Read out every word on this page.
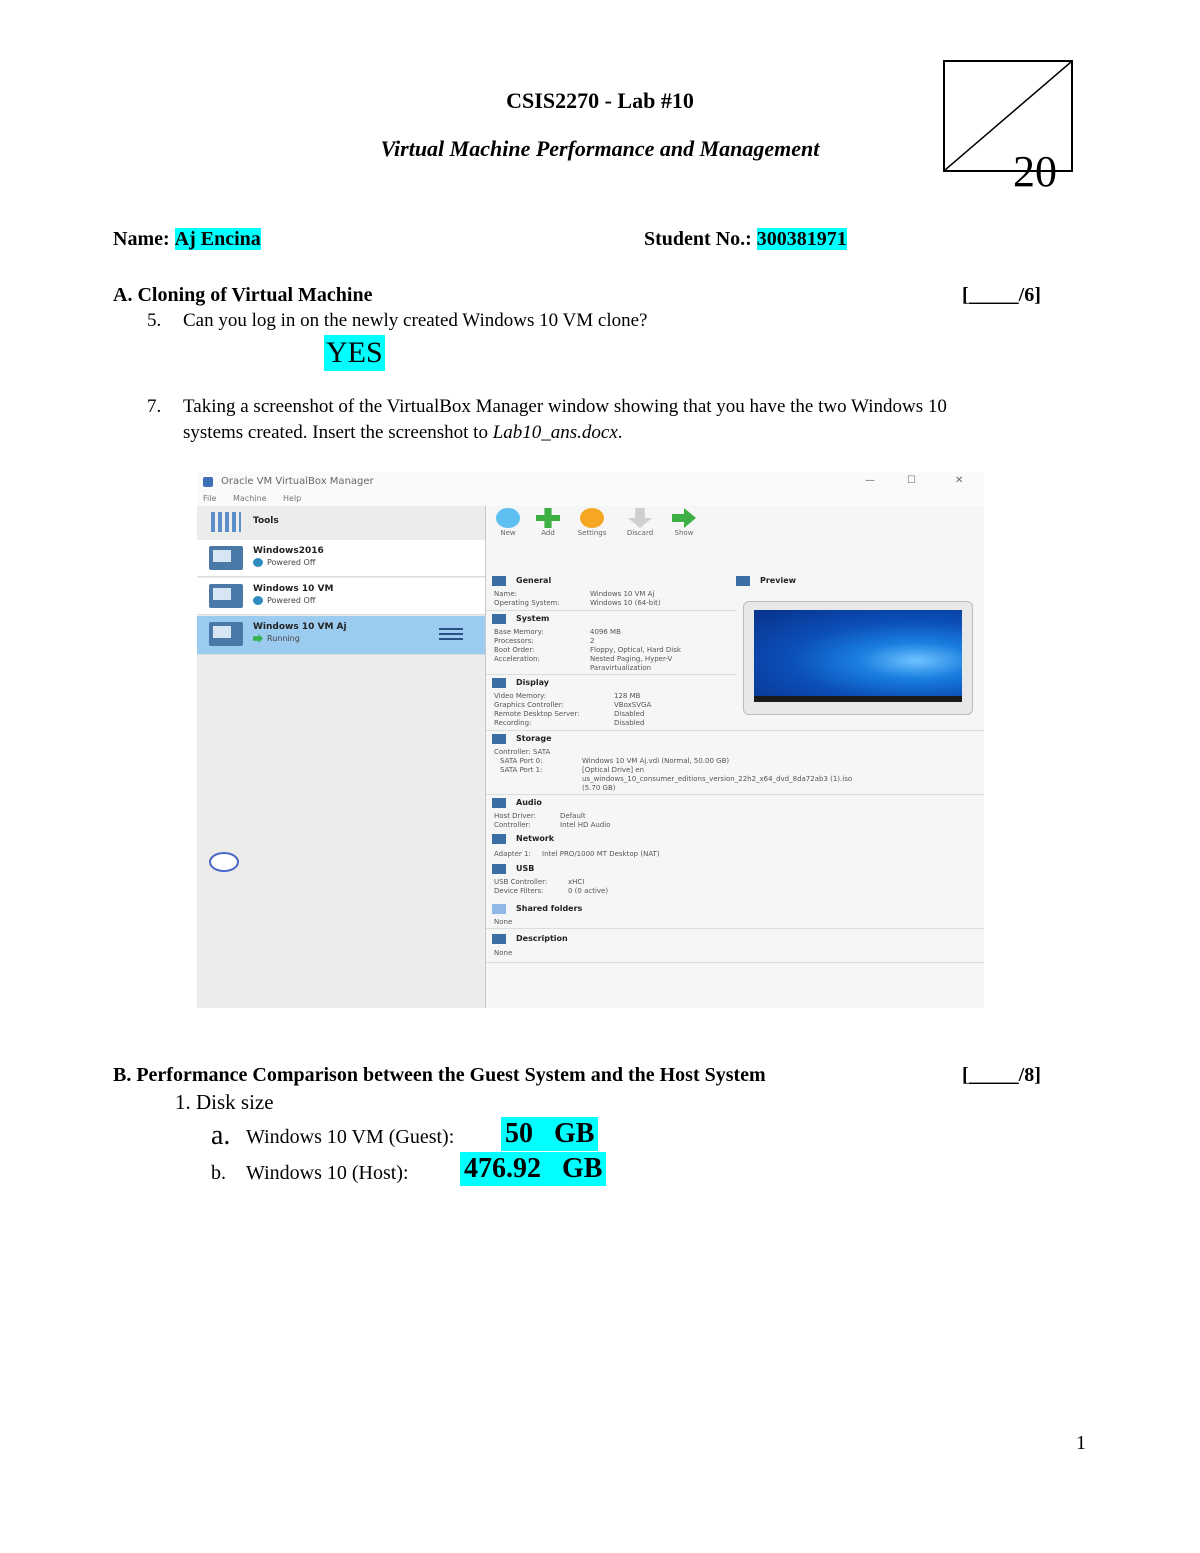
CSIS2270 - Lab #10
Virtual Machine Performance and Management	20
Name: Aj Encina	Student No.: 300381971
A. Cloning of Virtual Machine	[_____/6]
5. Can you log in on the newly created Windows 10 VM clone?
YES
7. Taking a screenshot of the VirtualBox Manager window showing that you have the two Windows 10
systems created. Insert the screenshot to Lab10_ans.docx.
Oracle VM VirtualBox Manager	—	☐	✕
File Machine Help
Tools
Windows2016
Powered Off
Windows 10 VM
Powered Off
Windows 10 VM Aj
Running
New	Add	Settings	Discard	Show
General
Name:	Windows 10 VM Aj
Operating System:	Windows 10 (64-bit)
Preview
System
Base Memory:	4096 MB
Processors:	2
Boot Order:	Floppy, Optical, Hard Disk
Acceleration:	Nested Paging, Hyper-V Paravirtualization
Display
Video Memory:	128 MB
Graphics Controller:	VBoxSVGA
Remote Desktop Server:	Disabled
Recording:	Disabled
Storage
Controller: SATA
SATA Port 0:	Windows 10 VM Aj.vdi (Normal, 50.00 GB)
SATA Port 1:	[Optical Drive] en
us_windows_10_consumer_editions_version_22h2_x64_dvd_8da72ab3 (1).iso
(5.70 GB)
Audio
Host Driver:	Default
Controller:	Intel HD Audio
Network
Adapter 1: Intel PRO/1000 MT Desktop (NAT)
USB
USB Controller:	xHCI
Device Filters:	0 (0 active)
Shared folders
None
Description
None
B. Performance Comparison between the Guest System and the Host System	[_____/8]
1. Disk size
a. Windows 10 VM (Guest): 50   GB
b. Windows 10 (Host): 476.92   GB
1
